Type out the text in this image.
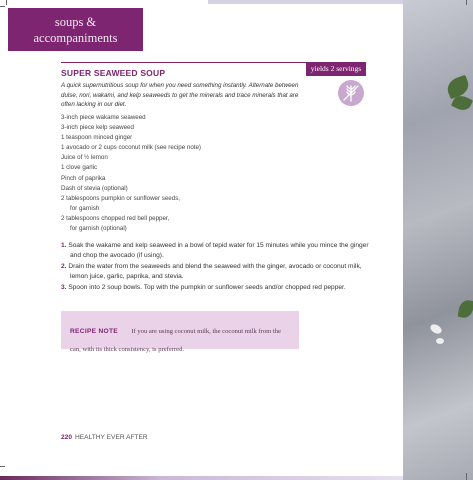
soups &
accompaniments
yields 2 servings
SUPER SEAWEED SOUP
A quick supernutritious soup for when you need something instantly. Alternate between dulse, nori, wakami, and kelp seaweeds to get the minerals and trace minerals that are often lacking in our diet.
3-inch piece wakame seaweed
3-inch piece kelp seaweed
1 teaspoon minced ginger
1 avocado or 2 cups coconut milk (see recipe note)
Juice of ½ lemon
1 clove garlic
Pinch of paprika
Dash of stevia (optional)
2 tablespoons pumpkin or sunflower seeds,
for garnish
2 tablespoons chopped red bell pepper,
for garnish (optional)
1. Soak the wakame and kelp seaweed in a bowl of tepid water for 15 minutes while you mince the ginger and chop the avocado (if using).
2. Drain the water from the seaweeds and blend the seaweed with the ginger, avocado or coconut milk, lemon juice, garlic, paprika, and stevia.
3. Spoon into 2 soup bowls. Top with the pumpkin or sunflower seeds and/or chopped red pepper.
RECIPE NOTE If you are using coconut milk, the coconut milk from the can, with its thick consistency, is preferred.
220 HEALTHY EVER AFTER
